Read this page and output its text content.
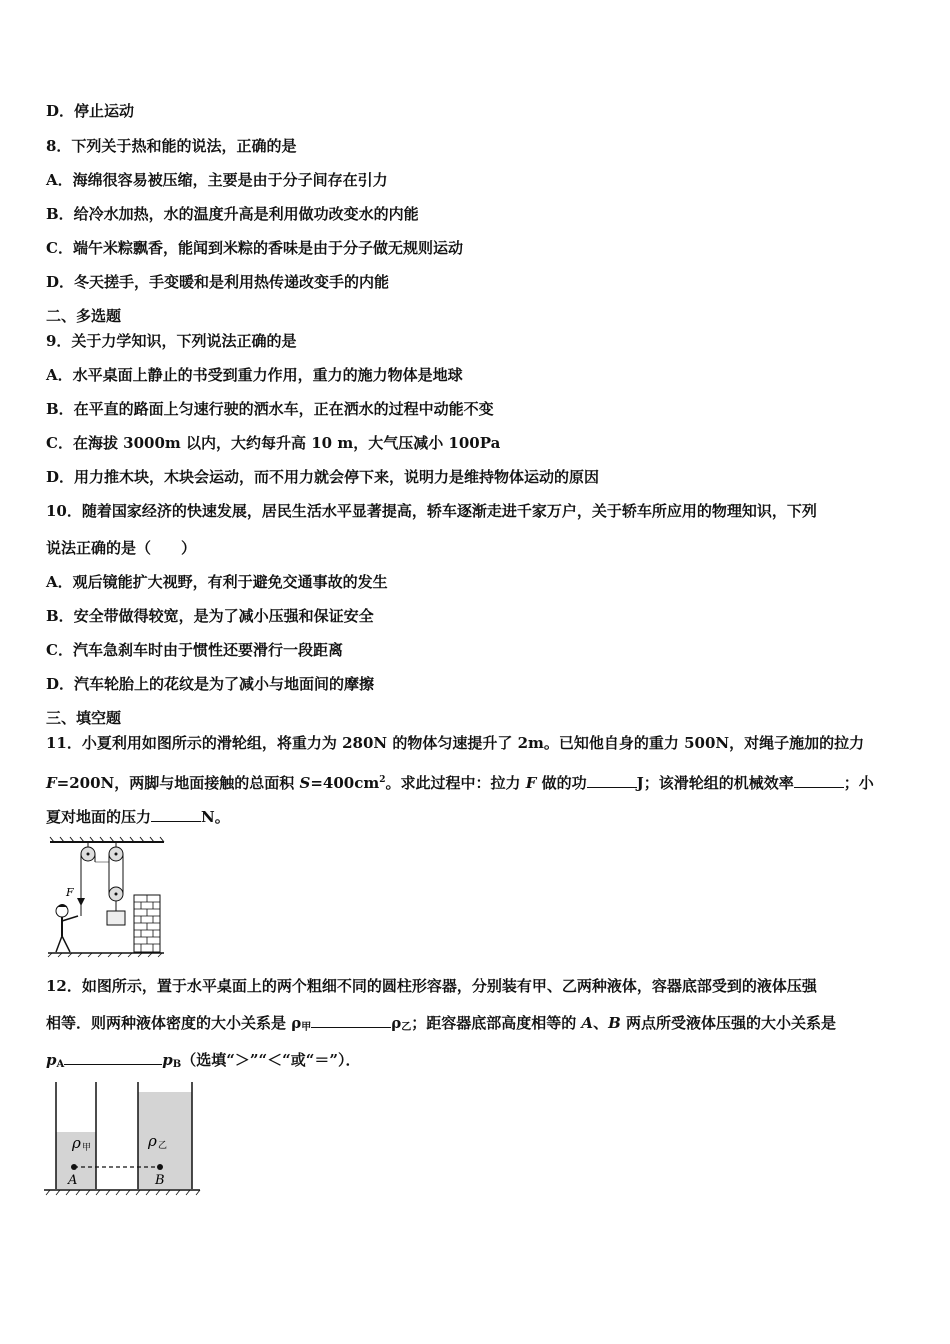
D．停止运动
8．下列关于热和能的说法，正确的是
A．海绵很容易被压缩，主要是由于分子间存在引力
B．给冷水加热，水的温度升高是利用做功改变水的内能
C．端午米粽飘香，能闻到米粽的香味是由于分子做无规则运动
D．冬天搓手，手变暖和是利用热传递改变手的内能
二、多选题
9．关于力学知识，下列说法正确的是
A．水平桌面上静止的书受到重力作用，重力的施力物体是地球
B．在平直的路面上匀速行驶的洒水车，正在洒水的过程中动能不变
C．在海拔 3000m 以内，大约每升高 10 m，大气压减小 100Pa
D．用力推木块，木块会运动，而不用力就会停下来，说明力是维持物体运动的原因
10．随着国家经济的快速发展，居民生活水平显著提高，轿车逐渐走进千家万户，关于轿车所应用的物理知识，下列
说法正确的是（　　）
A．观后镜能扩大视野，有利于避免交通事故的发生
B．安全带做得较宽，是为了减小压强和保证安全
C．汽车急刹车时由于惯性还要滑行一段距离
D．汽车轮胎上的花纹是为了减小与地面间的摩擦
三、填空题
11．小夏利用如图所示的滑轮组，将重力为 280N 的物体匀速提升了 2m。已知他自身的重力 500N，对绳子施加的拉力
F=200N，两脚与地面接触的总面积 $S=400cm^2$。求此过程中：拉力 F 做的功	J；该滑轮组的机械效率	；小
夏对地面的压力	N。
F
12．如图所示，置于水平桌面上的两个粗细不同的圆柱形容器，分别装有甲、乙两种液体，容器底部受到的液体压强
相等．则两种液体密度的大小关系是 $\rho_甲$	$\rho_乙$；距容器底部高度相等的 A、B 两点所受液体压强的大小关系是
$p_A$	$p_B$（选填“＞”“＜“或“＝”）．
ρ 甲	ρ 乙
A	B
